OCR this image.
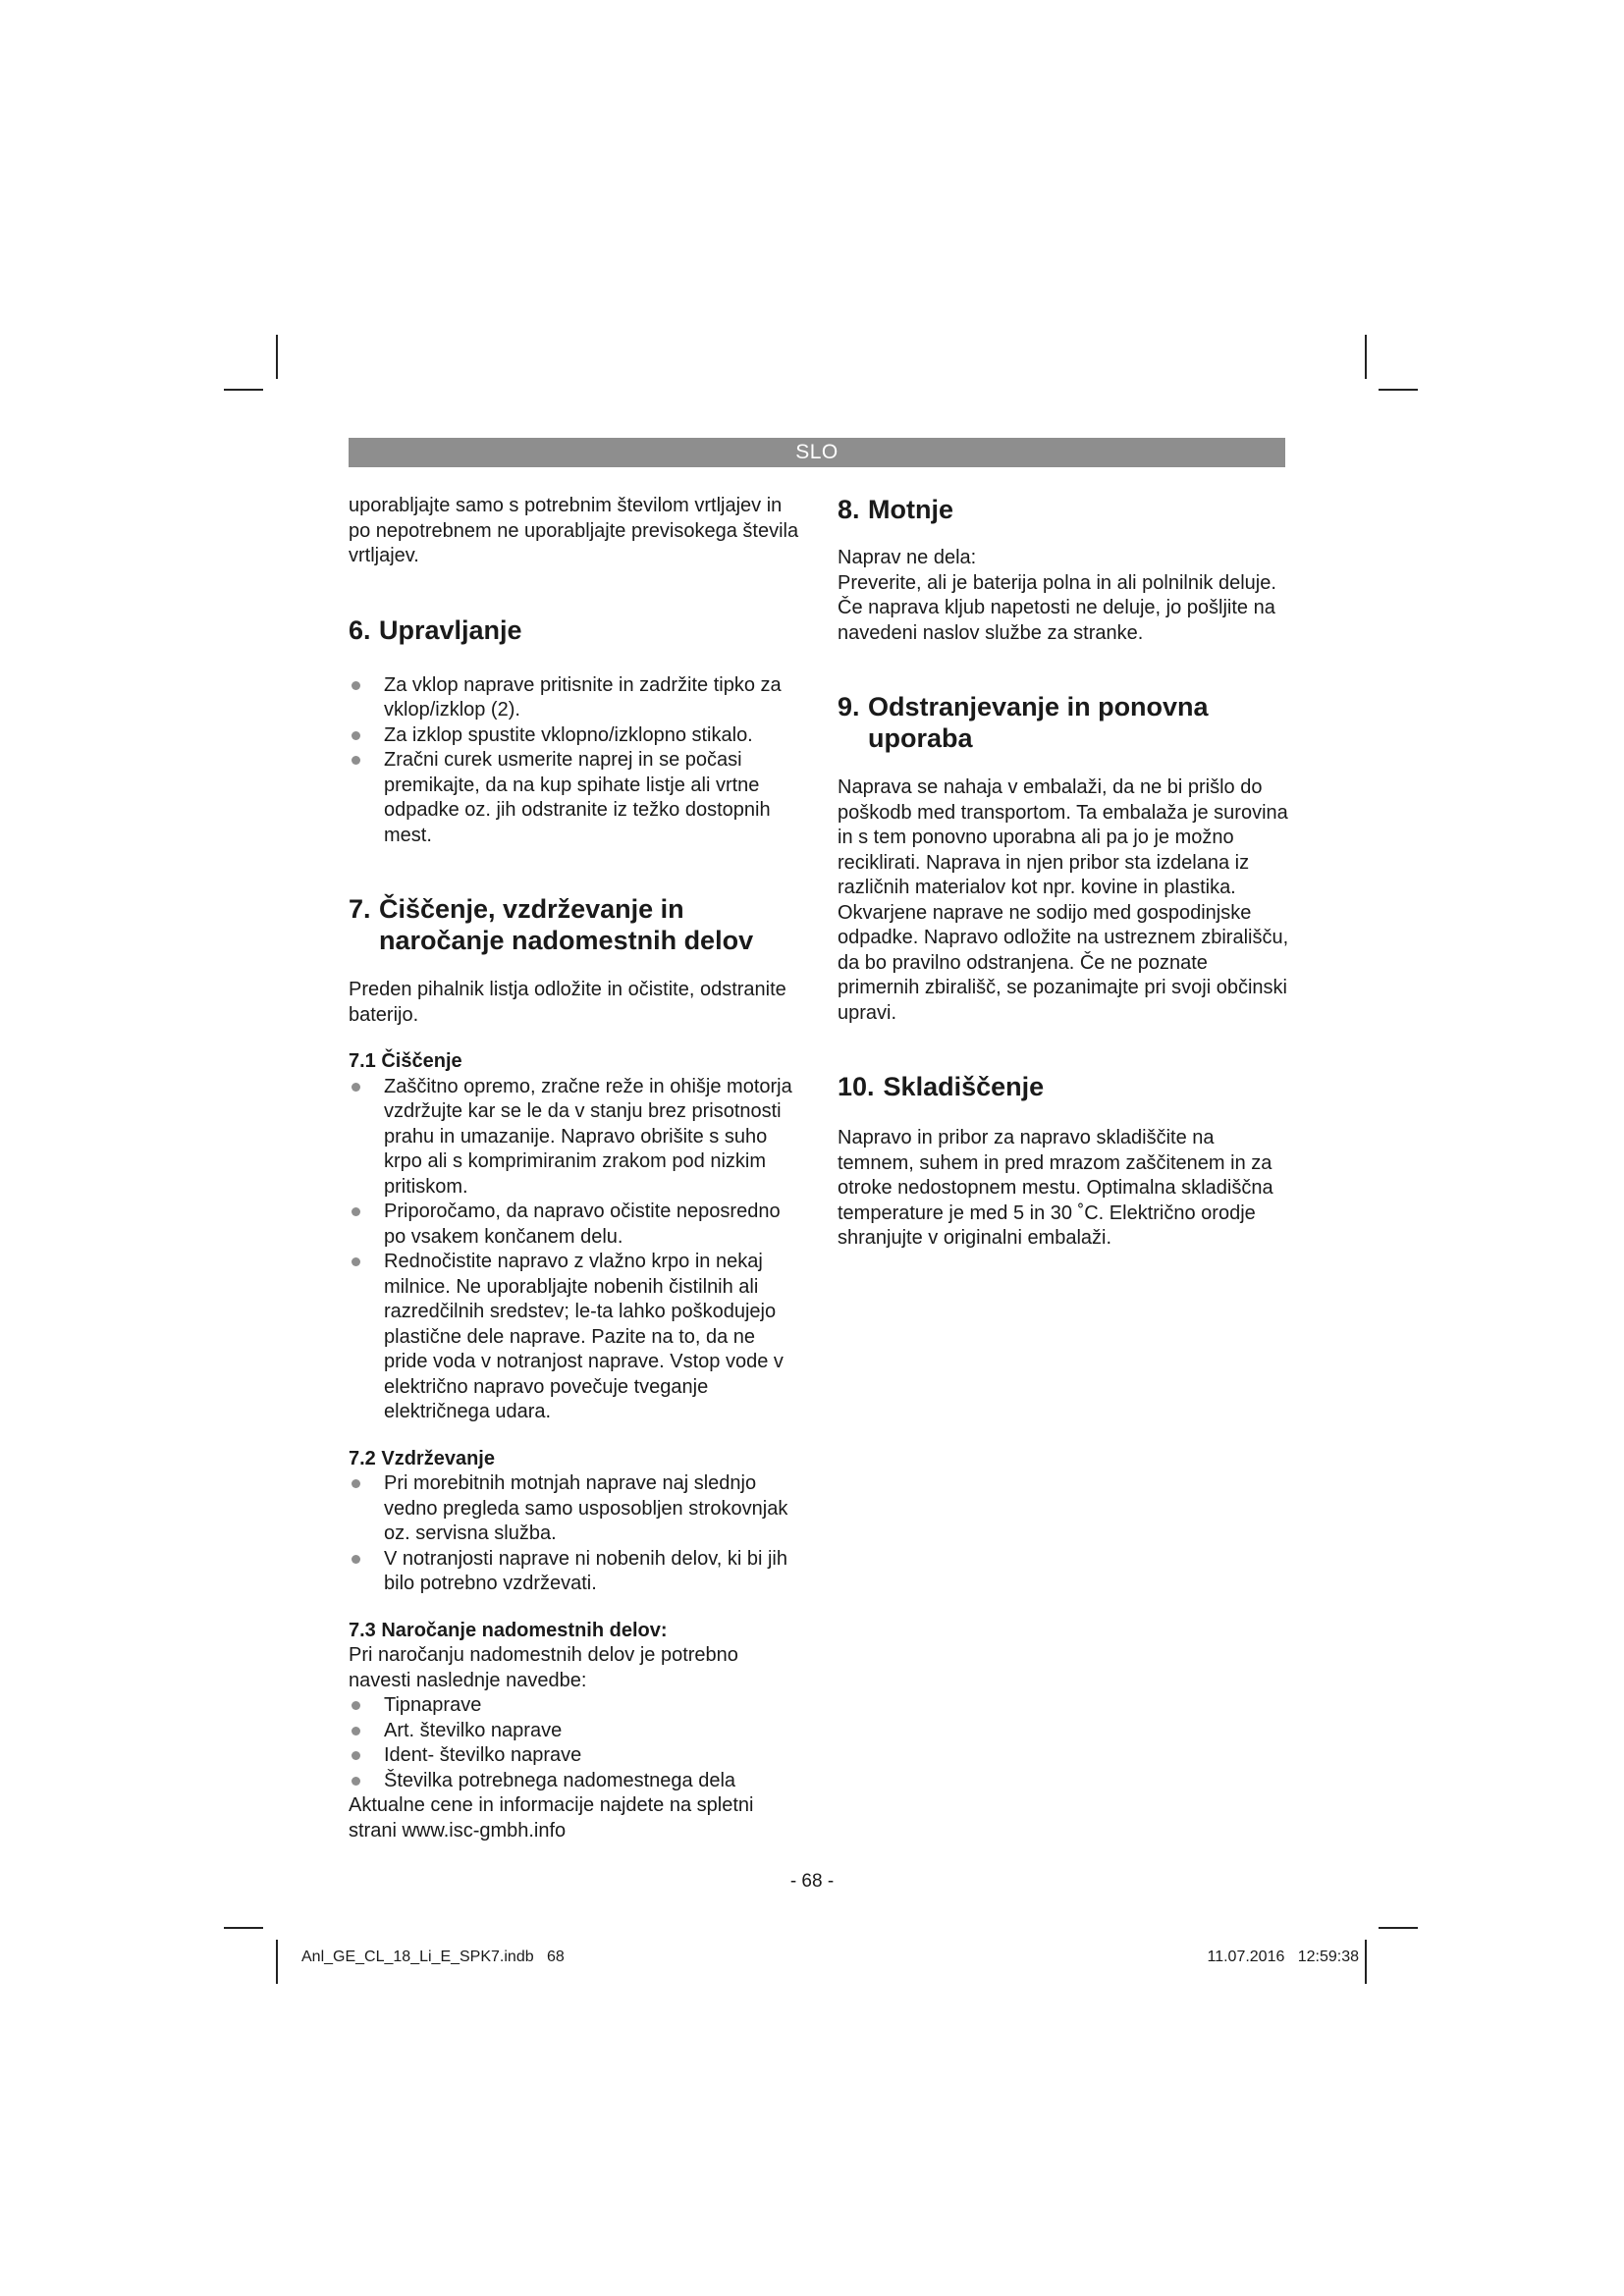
SLO

uporabljajte samo s potrebnim številom vrtljajev in po nepotrebnem ne uporabljajte previsokega števila vrtljajev.

6. Upravljanje
Za vklop naprave pritisnite in zadržite tipko za vklop/izklop (2).
Za izklop spustite vklopno/izklopno stikalo.
Zračni curek usmerite naprej in se počasi premikajte, da na kup spihate listje ali vrtne odpadke oz. jih odstranite iz težko dostopnih mest.
7. Čiščenje, vzdrževanje in
naročanje nadomestnih delov

Preden pihalnik listja odložite in očistite, odstranite baterijo.

7.1 Čiščenje
Zaščitno opremo, zračne reže in ohišje motorja vzdržujte kar se le da v stanju brez prisotnosti prahu in umazanije. Napravo obrišite s suho krpo ali s komprimiranim zrakom pod nizkim pritiskom.
Priporočamo, da napravo očistite neposredno po vsakem končanem delu.
Rednočistite napravo z vlažno krpo in nekaj milnice. Ne uporabljajte nobenih čistilnih ali razredčilnih sredstev; le-ta lahko poškodujejo plastične dele naprave. Pazite na to, da ne pride voda v notranjost naprave. Vstop vode v električno napravo povečuje tveganje električnega udara.
7.2 Vzdrževanje
Pri morebitnih motnjah naprave naj slednjo vedno pregleda samo usposobljen strokovnjak oz. servisna služba.
V notranjosti naprave ni nobenih delov, ki bi jih bilo potrebno vzdrževati.
7.3 Naročanje nadomestnih delov:

Pri naročanju nadomestnih delov je potrebno navesti naslednje navedbe:

Tipnaprave
Art. številko naprave
Ident- številko naprave
Številka potrebnega nadomestnega dela

Aktualne cene in informacije najdete na spletni strani www.isc-gmbh.info

8. Motnje

Naprav ne dela:

Preverite, ali je baterija polna in ali polnilnik deluje. Če naprava kljub napetosti ne deluje, jo pošljite na navedeni naslov službe za stranke.

9. Odstranjevanje in ponovna
uporaba

Naprava se nahaja v embalaži, da ne bi prišlo do poškodb med transportom. Ta embalaža je surovina in s tem ponovno uporabna ali pa jo je možno reciklirati. Naprava in njen pribor sta izdelana iz različnih materialov kot npr. kovine in plastika. Okvarjene naprave ne sodijo med gospodinjske odpadke. Napravo odložite na ustreznem zbirališču, da bo pravilno odstranjena. Če ne poznate primernih zbirališč, se pozanimajte pri svoji občinski upravi.

10. Skladiščenje

Napravo in pribor za napravo skladiščite na temnem, suhem in pred mrazom zaščitenem in za otroke nedostopnem mestu. Optimalna skladiščna temperature je med 5 in 30 ˚C. Električno orodje shranjujte v originalni embalaži.

- 68 -
Anl_GE_CL_18_Li_E_SPK7.indb   68	11.07.2016   12:59:38
